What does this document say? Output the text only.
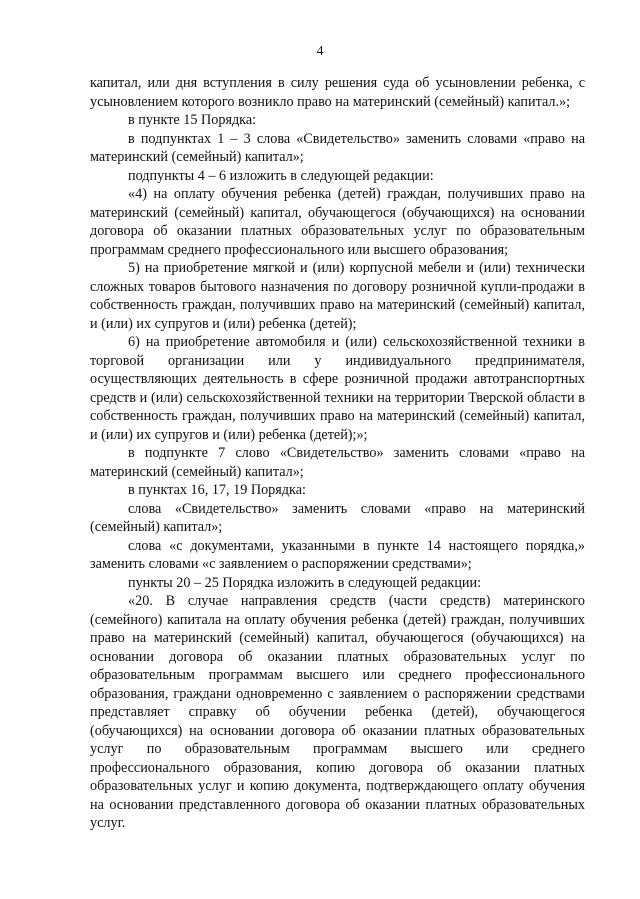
4

капитал, или дня вступления в силу решения суда об усыновлении ребенка, с усыновлением которого возникло право на материнский (семейный) капитал.»;

в пункте 15 Порядка:

в подпунктах 1 – 3 слова «Свидетельство» заменить словами «право на материнский (семейный) капитал»;

подпункты 4 – 6 изложить в следующей редакции:

«4) на оплату обучения ребенка (детей) граждан, получивших право на материнский (семейный) капитал, обучающегося (обучающихся) на основании договора об оказании платных образовательных услуг по образовательным программам среднего профессионального или высшего образования;

5) на приобретение мягкой и (или) корпусной мебели и (или) технически сложных товаров бытового назначения по договору розничной купли-продажи в собственность граждан, получивших право на материнский (семейный) капитал, и (или) их супругов и (или) ребенка (детей);

6) на приобретение автомобиля и (или) сельскохозяйственной техники в торговой организации или у индивидуального предпринимателя, осуществляющих деятельность в сфере розничной продажи автотранспортных средств и (или) сельскохозяйственной техники на территории Тверской области в собственность граждан, получивших право на материнский (семейный) капитал, и (или) их супругов и (или) ребенка (детей);»;

в подпункте 7 слово «Свидетельство» заменить словами «право на материнский (семейный) капитал»;

в пунктах 16, 17, 19 Порядка:

слова «Свидетельство» заменить словами «право на материнский (семейный) капитал»;

слова «с документами, указанными в пункте 14 настоящего порядка,» заменить словами «с заявлением о распоряжении средствами»;

пункты 20 – 25 Порядка изложить в следующей редакции:

«20. В случае направления средств (части средств) материнского (семейного) капитала на оплату обучения ребенка (детей) граждан, получивших право на материнский (семейный) капитал, обучающегося (обучающихся) на основании договора об оказании платных образовательных услуг по образовательным программам высшего или среднего профессионального образования, граждани одновременно с заявлением о распоряжении средствами представляет справку об обучении ребенка (детей), обучающегося (обучающихся) на основании договора об оказании платных образовательных услуг по образовательным программам высшего или среднего профессионального образования, копию договора об оказании платных образовательных услуг и копию документа, подтверждающего оплату обучения на основании представленного договора об оказании платных образовательных услуг.
